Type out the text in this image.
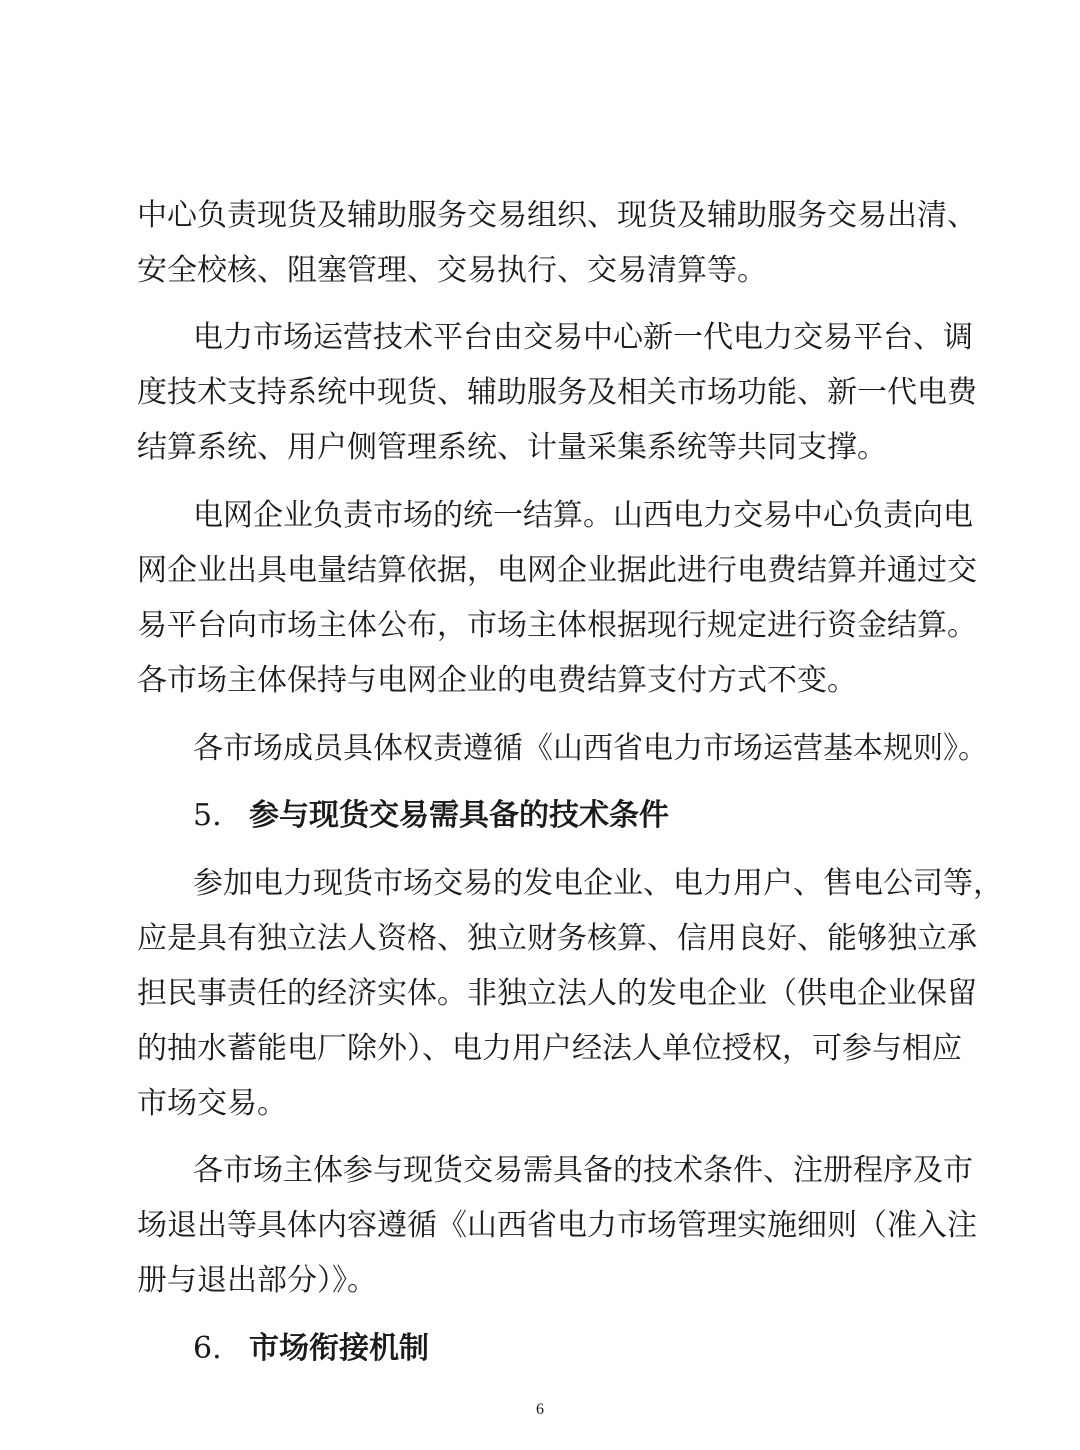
中心负责现货及辅助服务交易组织、现货及辅助服务交易出清、
安全校核、阻塞管理、交易执行、交易清算等。
电力市场运营技术平台由交易中心新一代电力交易平台、调
度技术支持系统中现货、辅助服务及相关市场功能、新一代电费
结算系统、用户侧管理系统、计量采集系统等共同支撑。
电网企业负责市场的统一结算。山西电力交易中心负责向电
网企业出具电量结算依据，电网企业据此进行电费结算并通过交
易平台向市场主体公布，市场主体根据现行规定进行资金结算。
各市场主体保持与电网企业的电费结算支付方式不变。
各市场成员具体权责遵循《山西省电力市场运营基本规则》。
5. 参与现货交易需具备的技术条件
参加电力现货市场交易的发电企业、电力用户、售电公司等，
应是具有独立法人资格、独立财务核算、信用良好、能够独立承
担民事责任的经济实体。非独立法人的发电企业（供电企业保留
的抽水蓄能电厂除外）、电力用户经法人单位授权，可参与相应
市场交易。
各市场主体参与现货交易需具备的技术条件、注册程序及市
场退出等具体内容遵循《山西省电力市场管理实施细则（准入注
册与退出部分）》。
6. 市场衔接机制
6
